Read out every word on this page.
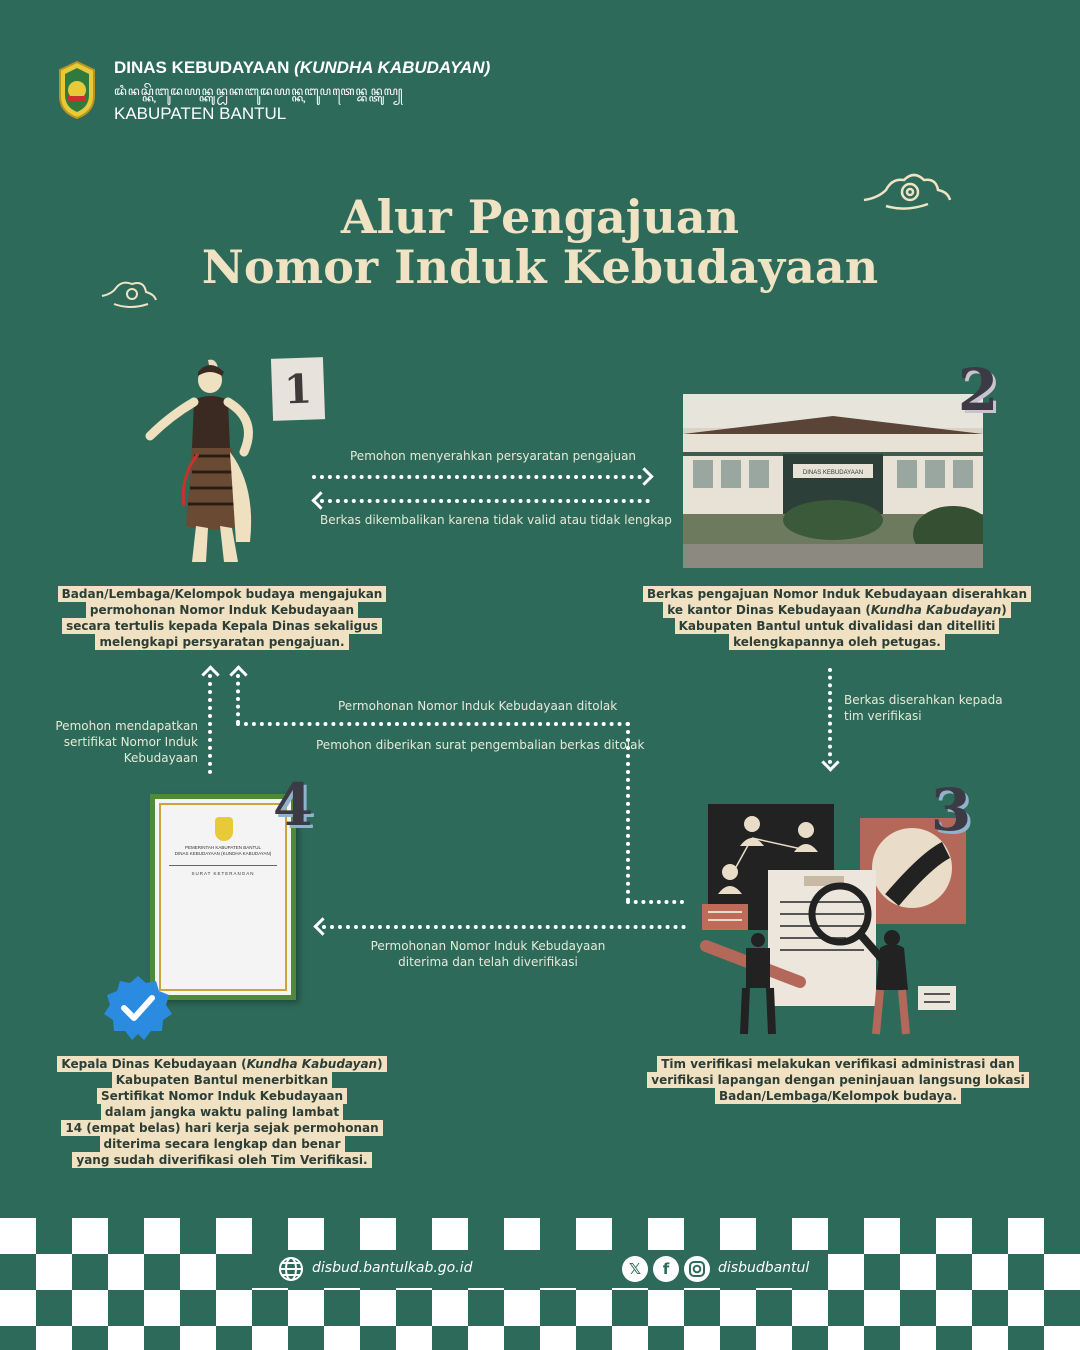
DINAS KEBUDAYAAN (KUNDHA KABUDAYAN)
ꦢꦶꦤꦱ꧀ꦏꦼꦧꦸꦢꦪꦤ꧀ꦏꦸꦤ꧀ꦝꦏꦧꦸꦢꦪꦤ꧀ꦏꦧꦸꦥꦠꦺꦤ꧀ꦧꦤ꧀ꦠꦸꦭ꧀
KABUPATEN BANTUL
Alur Pengajuan
Nomor Induk Kebudayaan
1
Badan/Lembaga/Kelompok budaya mengajukan
permohonan Nomor Induk Kebudayaan
secara tertulis kepada Kepala Dinas sekaligus
melengkapi persyaratan pengajuan.
Pemohon menyerahkan persyaratan pengajuan
Berkas dikembalikan karena tidak valid atau tidak lengkap
DINAS KEBUDAYAAN
2
Berkas pengajuan Nomor Induk Kebudayaan diserahkan
ke kantor Dinas Kebudayaan (Kundha Kabudayan)
Kabupaten Bantul untuk divalidasi dan ditelliti
kelengkapannya oleh petugas.
Berkas diserahkan kepada
tim verifikasi
Permohonan Nomor Induk Kebudayaan ditolak
Pemohon diberikan surat pengembalian berkas ditolak
Pemohon mendapatkan
sertifikat Nomor Induk
Kebudayaan
Permohonan Nomor Induk Kebudayaan
diterima dan telah diverifikasi
3
Tim verifikasi melakukan verifikasi administrasi dan
verifikasi lapangan dengan peninjauan langsung lokasi
Badan/Lembaga/Kelompok budaya.
PEMERINTAH KABUPATEN BANTUL
DINAS KEBUDAYAAN (KUNDHA KABUDAYAN)
SURAT KETERANGAN
4
Kepala Dinas Kebudayaan (Kundha Kabudayan)
Kabupaten Bantul menerbitkan
Sertifikat Nomor Induk Kebudayaan
dalam jangka waktu paling lambat
14 (empat belas) hari kerja sejak permohonan
diterima secara lengkap dan benar
yang sudah diverifikasi oleh Tim Verifikasi.
disbud.bantulkab.go.id	𝕏	f	disbudbantul
